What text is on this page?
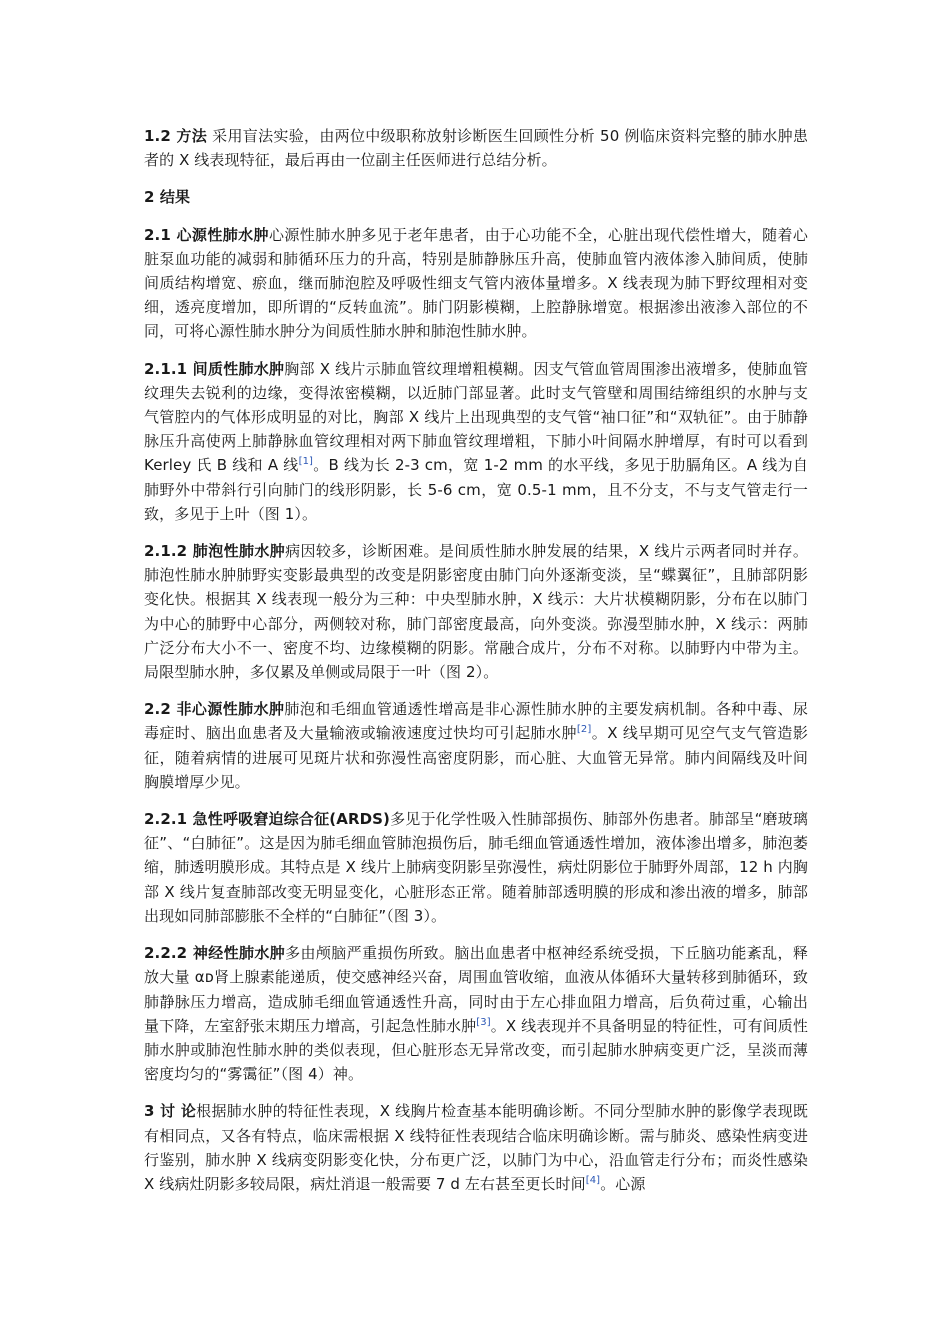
1.2 方法 采用盲法实验，由两位中级职称放射诊断医生回顾性分析 50 例临床资料完整的肺水肿患者的 X 线表现特征，最后再由一位副主任医师进行总结分析。

2 结果

2.1 心源性肺水肿心源性肺水肿多见于老年患者，由于心功能不全，心脏出现代偿性增大，随着心脏泵血功能的减弱和肺循环压力的升高，特别是肺静脉压升高，使肺血管内液体渗入肺间质，使肺间质结构增宽、瘀血，继而肺泡腔及呼吸性细支气管内液体量增多。X 线表现为肺下野纹理相对变细，透亮度增加，即所谓的“反转血流”。肺门阴影模糊，上腔静脉增宽。根据渗出液渗入部位的不同，可将心源性肺水肿分为间质性肺水肿和肺泡性肺水肿。

2.1.1 间质性肺水肿胸部 X 线片示肺血管纹理增粗模糊。因支气管血管周围渗出液增多，使肺血管纹理失去锐利的边缘，变得浓密模糊，以近肺门部显著。此时支气管壁和周围结缔组织的水肿与支气管腔内的气体形成明显的对比，胸部 X 线片上出现典型的支气管“袖口征”和“双轨征”。由于肺静脉压升高使两上肺静脉血管纹理相对两下肺血管纹理增粗，下肺小叶间隔水肿增厚，有时可以看到 Kerley 氏 B 线和 A 线[1]。B 线为长 2-3 cm，宽 1-2 mm 的水平线，多见于肋膈角区。A 线为自肺野外中带斜行引向肺门的线形阴影，长 5-6 cm，宽 0.5-1 mm，且不分支，不与支气管走行一致，多见于上叶（图 1）。

2.1.2 肺泡性肺水肿病因较多，诊断困难。是间质性肺水肿发展的结果，X 线片示两者同时并存。肺泡性肺水肿肺野实变影最典型的改变是阴影密度由肺门向外逐渐变淡，呈“蝶翼征”，且肺部阴影变化快。根据其 X 线表现一般分为三种：中央型肺水肿，X 线示：大片状模糊阴影，分布在以肺门为中心的肺野中心部分，两侧较对称，肺门部密度最高，向外变淡。弥漫型肺水肿，X 线示：两肺广泛分布大小不一、密度不均、边缘模糊的阴影。常融合成片，分布不对称。以肺野内中带为主。局限型肺水肿，多仅累及单侧或局限于一叶（图 2）。

2.2 非心源性肺水肿肺泡和毛细血管通透性增高是非心源性肺水肿的主要发病机制。各种中毒、尿毒症时、脑出血患者及大量输液或输液速度过快均可引起肺水肿[2]。X 线早期可见空气支气管造影征，随着病情的进展可见斑片状和弥漫性高密度阴影，而心脏、大血管无异常。肺内间隔线及叶间胸膜增厚少见。

2.2.1 急性呼吸窘迫综合征(ARDS)多见于化学性吸入性肺部损伤、肺部外伤患者。肺部呈“磨玻璃征”、“白肺征”。这是因为肺毛细血管肺泡损伤后，肺毛细血管通透性增加，液体渗出增多，肺泡萎缩，肺透明膜形成。其特点是 X 线片上肺病变阴影呈弥漫性，病灶阴影位于肺野外周部，12 h 内胸部 X 线片复查肺部改变无明显变化，心脏形态正常。随着肺部透明膜的形成和渗出液的增多，肺部出现如同肺部膨胀不全样的“白肺征”（图 3）。

2.2.2 神经性肺水肿多由颅脑严重损伤所致。脑出血患者中枢神经系统受损，下丘脑功能紊乱，释放大量 αᴅ肾上腺素能递质，使交感神经兴奋，周围血管收缩，血液从体循环大量转移到肺循环，致肺静脉压力增高，造成肺毛细血管通透性升高，同时由于左心排血阻力增高，后负荷过重，心输出量下降，左室舒张末期压力增高，引起急性肺水肿[3]。X 线表现并不具备明显的特征性，可有间质性肺水肿或肺泡性肺水肿的类似表现，但心脏形态无异常改变，而引起肺水肿病变更广泛，呈淡而薄密度均匀的“雾霭征”（图 4）神。

3 讨 论根据肺水肿的特征性表现，X 线胸片检查基本能明确诊断。不同分型肺水肿的影像学表现既有相同点，又各有特点，临床需根据 X 线特征性表现结合临床明确诊断。需与肺炎、感染性病变进行鉴别，肺水肿 X 线病变阴影变化快，分布更广泛，以肺门为中心，沿血管走行分布；而炎性感染 X 线病灶阴影多较局限，病灶消退一般需要 7 d 左右甚至更长时间[4]。心源
